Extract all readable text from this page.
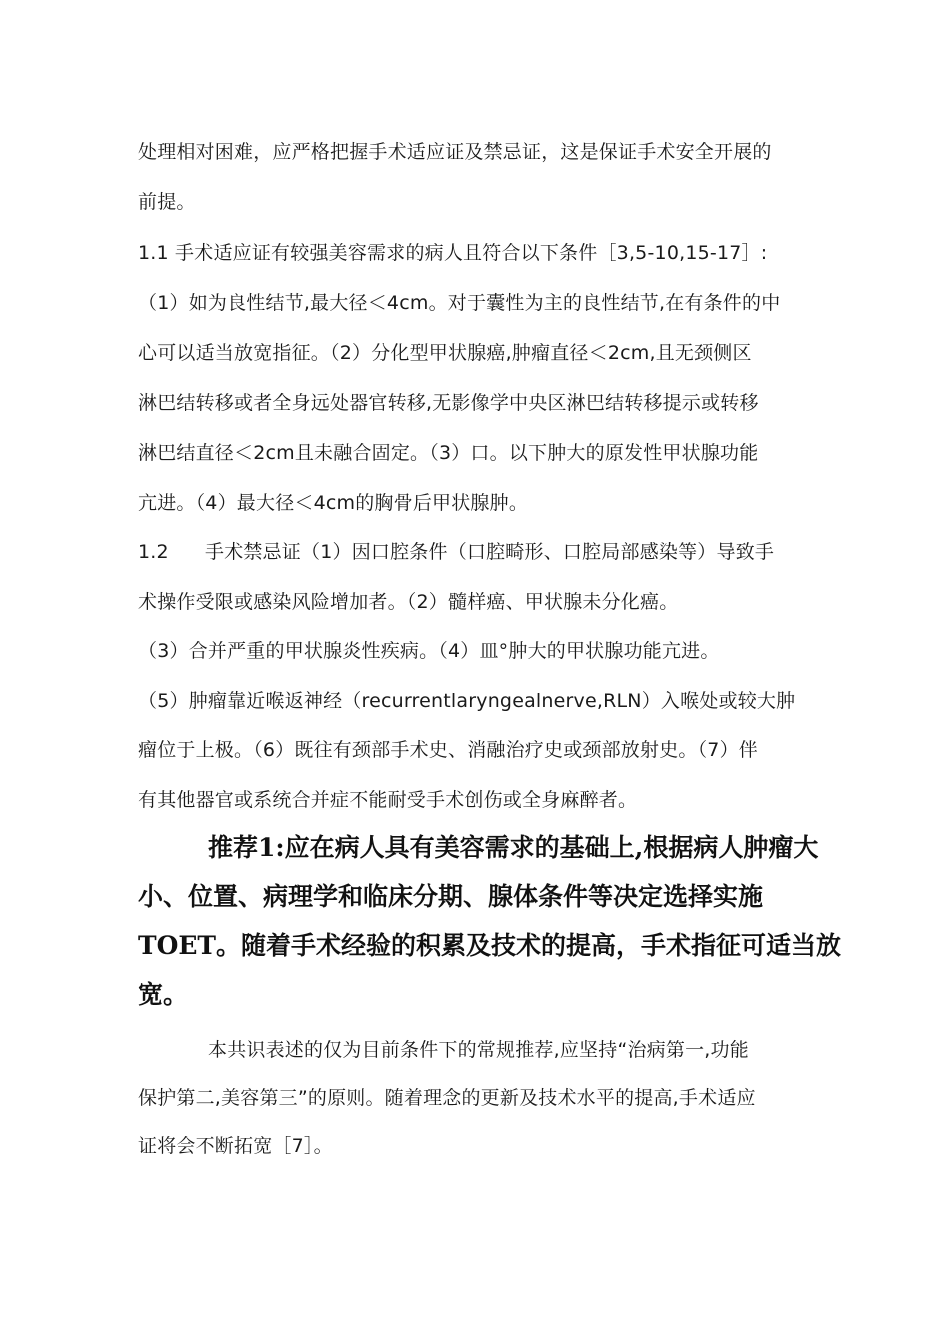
处理相对困难，应严格把握手术适应证及禁忌证，这是保证手术安全开展的
前提。
1.1 手术适应证有较强美容需求的病人且符合以下条件［3,5-10,15-17］:
（1）如为良性结节,最大径＜4cm。对于囊性为主的良性结节,在有条件的中
心可以适当放宽指征。（2）分化型甲状腺癌,肿瘤直径＜2cm,且无颈侧区
淋巴结转移或者全身远处器官转移,无影像学中央区淋巴结转移提示或转移
淋巴结直径＜2cm且未融合固定。（3）口。以下肿大的原发性甲状腺功能
亢进。（4）最大径＜4cm的胸骨后甲状腺肿。
1.2 手术禁忌证（1）因口腔条件（口腔畸形、口腔局部感染等）导致手
术操作受限或感染风险增加者。（2）髓样癌、甲状腺未分化癌。
（3）合并严重的甲状腺炎性疾病。（4）皿°肿大的甲状腺功能亢进。
（5）肿瘤靠近喉返神经（recurrentlaryngealnerve,RLN）入喉处或较大肿
瘤位于上极。（6）既往有颈部手术史、消融治疗史或颈部放射史。（7）伴
有其他器官或系统合并症不能耐受手术创伤或全身麻醉者。
推荐1:应在病人具有美容需求的基础上,根据病人肿瘤大
小、位置、病理学和临床分期、腺体条件等决定选择实施
TOET。随着手术经验的积累及技术的提高，手术指征可适当放
宽。
本共识表述的仅为目前条件下的常规推荐,应坚持“治病第一,功能
保护第二,美容第三”的原则。随着理念的更新及技术水平的提高,手术适应
证将会不断拓宽［7］。
